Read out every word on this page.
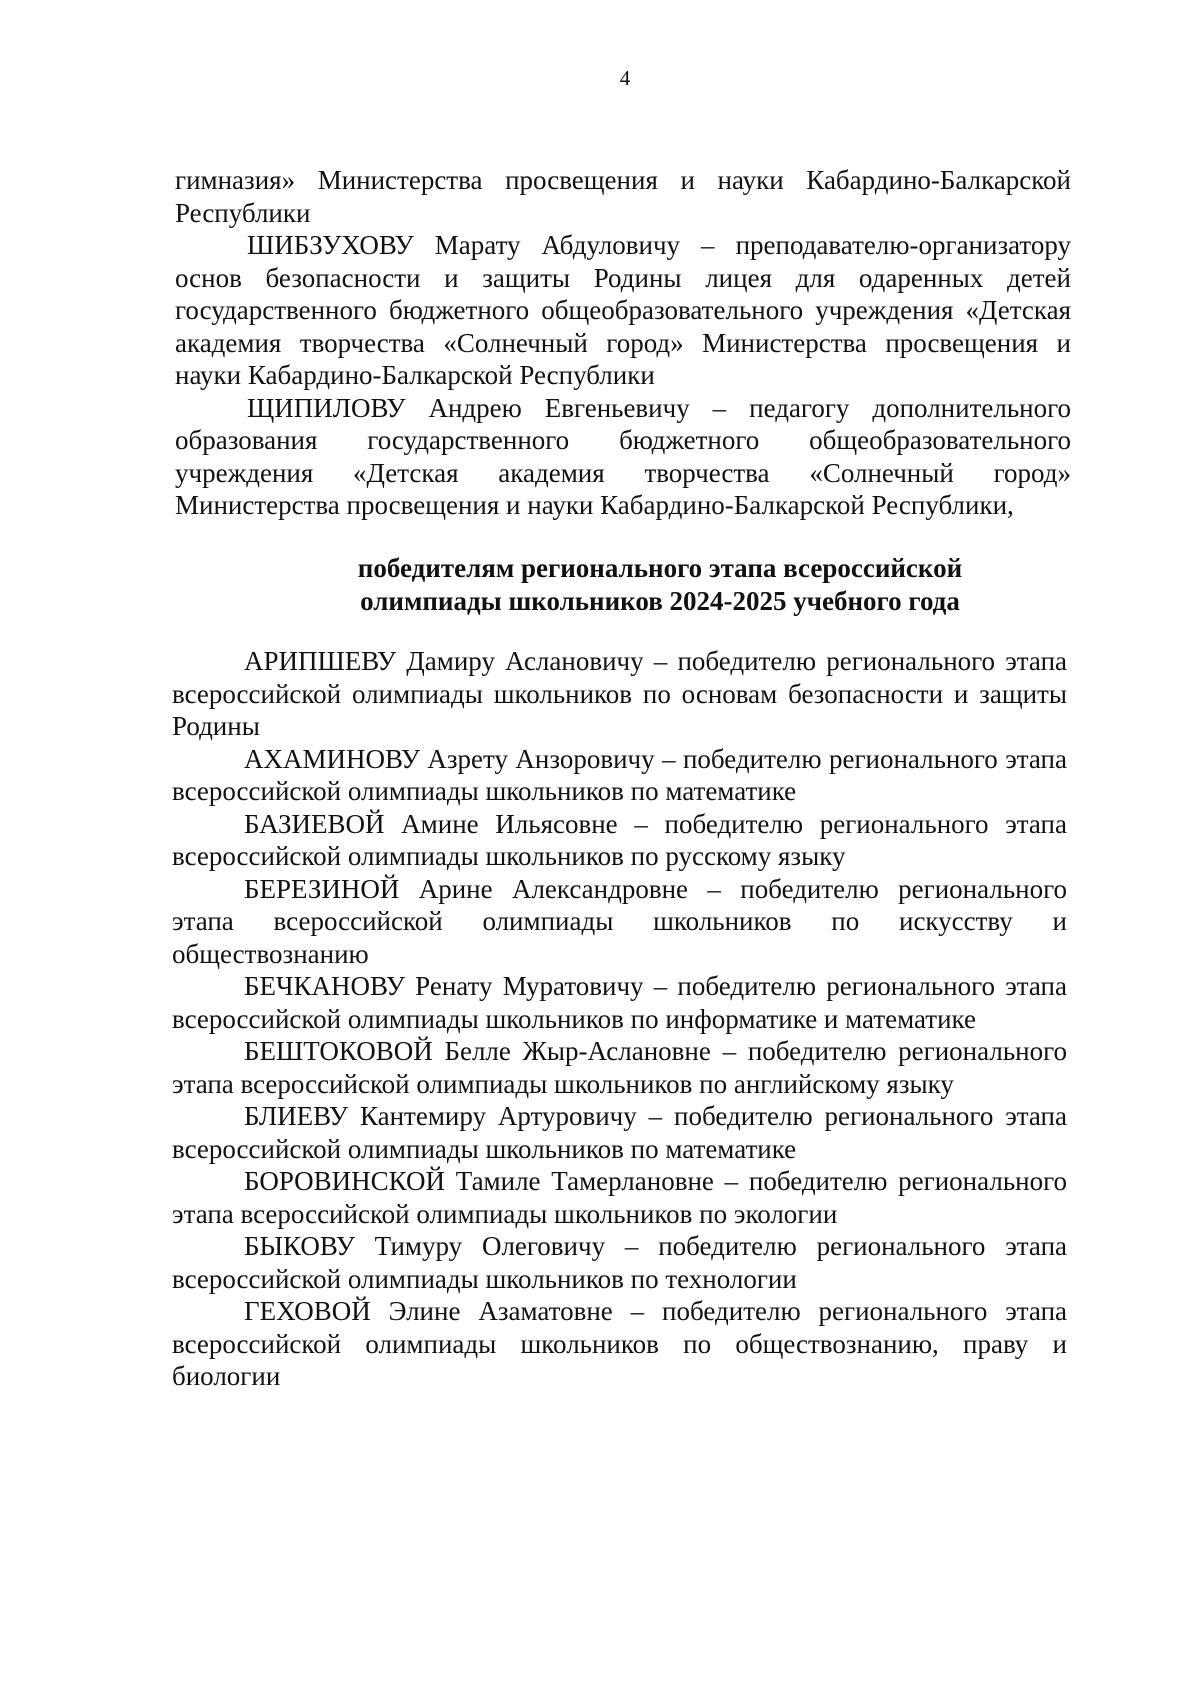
4

гимназия» Министерства просвещения и науки Кабардино-Балкарской Республики

ШИБЗУХОВУ Марату Абдуловичу – преподавателю-организатору основ безопасности и защиты Родины лицея для одаренных детей государственного бюджетного общеобразовательного учреждения «Детская академия творчества «Солнечный город» Министерства просвещения и науки Кабардино-Балкарской Республики

ЩИПИЛОВУ Андрею Евгеньевичу – педагогу дополнительного образования государственного бюджетного общеобразовательного учреждения «Детская академия творчества «Солнечный город» Министерства просвещения и науки Кабардино-Балкарской Республики,

победителям регионального этапа всероссийской
олимпиады школьников 2024-2025 учебного года

АРИПШЕВУ Дамиру Аслановичу – победителю регионального этапа всероссийской олимпиады школьников по основам безопасности и защиты Родины

АХАМИНОВУ Азрету Анзоровичу – победителю регионального этапа всероссийской олимпиады школьников по математике

БАЗИЕВОЙ Амине Ильясовне – победителю регионального этапа всероссийской олимпиады школьников по русскому языку

БЕРЕЗИНОЙ Арине Александровне – победителю регионального этапа всероссийской олимпиады школьников по искусству и обществознанию

БЕЧКАНОВУ Ренату Муратовичу – победителю регионального этапа всероссийской олимпиады школьников по информатике и математике

БЕШТОКОВОЙ Белле Жыр-Аслановне – победителю регионального этапа всероссийской олимпиады школьников по английскому языку

БЛИЕВУ Кантемиру Артуровичу – победителю регионального этапа всероссийской олимпиады школьников по математике

БОРОВИНСКОЙ Тамиле Тамерлановне – победителю регионального этапа всероссийской олимпиады школьников по экологии

БЫКОВУ Тимуру Олеговичу – победителю регионального этапа всероссийской олимпиады школьников по технологии

ГЕХОВОЙ Элине Азаматовне – победителю регионального этапа всероссийской олимпиады школьников по обществознанию, праву и биологии
